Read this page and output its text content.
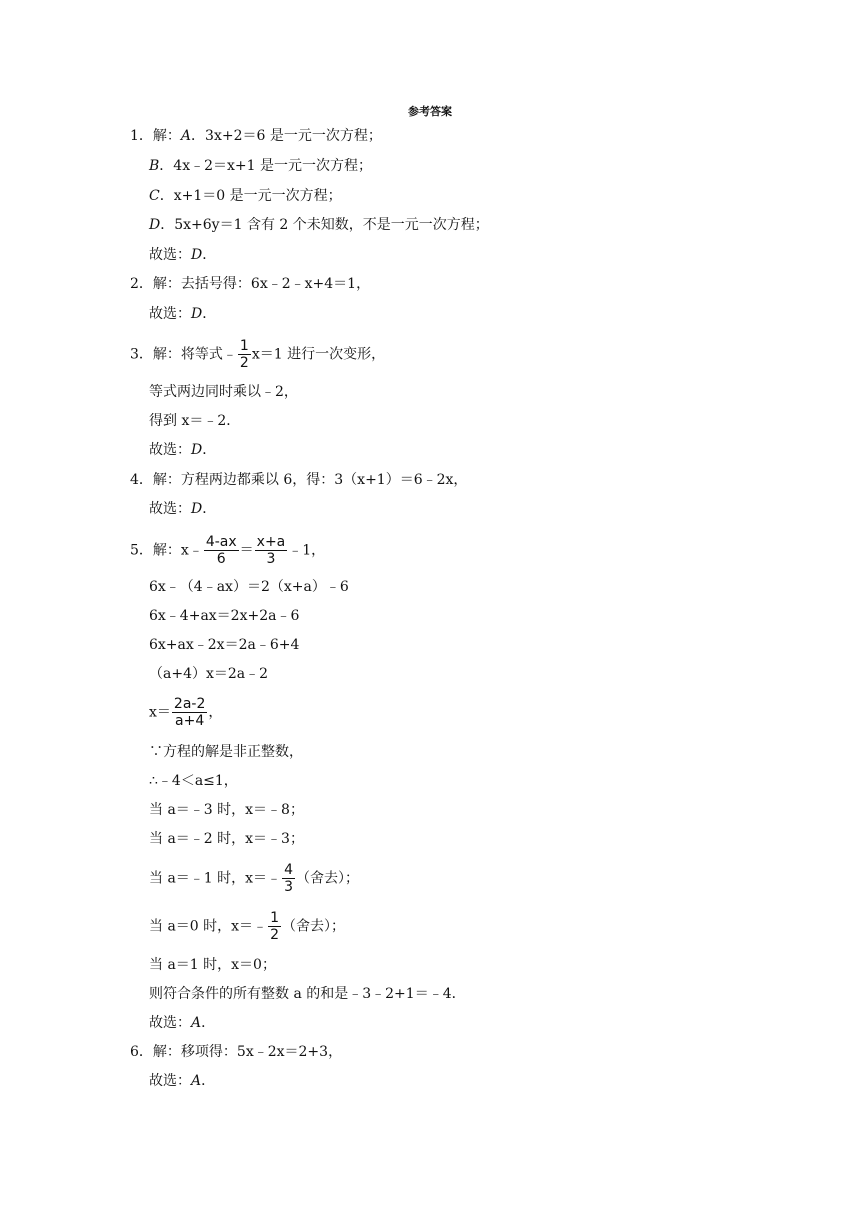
参考答案
1．解：A．3x+2＝6 是一元一次方程；
B．4x﹣2＝x+1 是一元一次方程；
C．x+1＝0 是一元一次方程；
D．5x+6y＝1 含有 2 个未知数，不是一元一次方程；
故选：D．
2．解：去括号得：6x﹣2﹣x+4＝1，
故选：D．
3．解：将等式﹣ $\frac{1}{2} x=1$ 进行一次变形，
等式两边同时乘以﹣2，
得到 x＝﹣2．
故选：D．
4．解：方程两边都乘以 6，得：3（x+1）＝6﹣2x，
故选：D．
5．解：x﹣ $\frac{4-ax}{6} = \frac{x+a}{3}$ ﹣1，
6x﹣（4﹣ax）＝2（x+a）﹣6
6x﹣4+ax＝2x+2a﹣6
6x+ax﹣2x＝2a﹣6+4
（a+4）x＝2a﹣2
$x= \frac{2a-2}{a+4}$ ，
∵方程的解是非正整数，
∴﹣4＜a≤1，
当 a＝﹣3 时，x＝﹣8；
当 a＝﹣2 时，x＝﹣3；
当 a＝﹣1 时，x＝﹣ $\frac{4}{3}$ （舍去）；
当 a＝0 时，x＝﹣ $\frac{1}{2}$ （舍去）；
当 a＝1 时，x＝0；
则符合条件的所有整数 a 的和是﹣3﹣2+1＝﹣4．
故选：A．
6．解：移项得：5x﹣2x＝2+3，
故选：A．
